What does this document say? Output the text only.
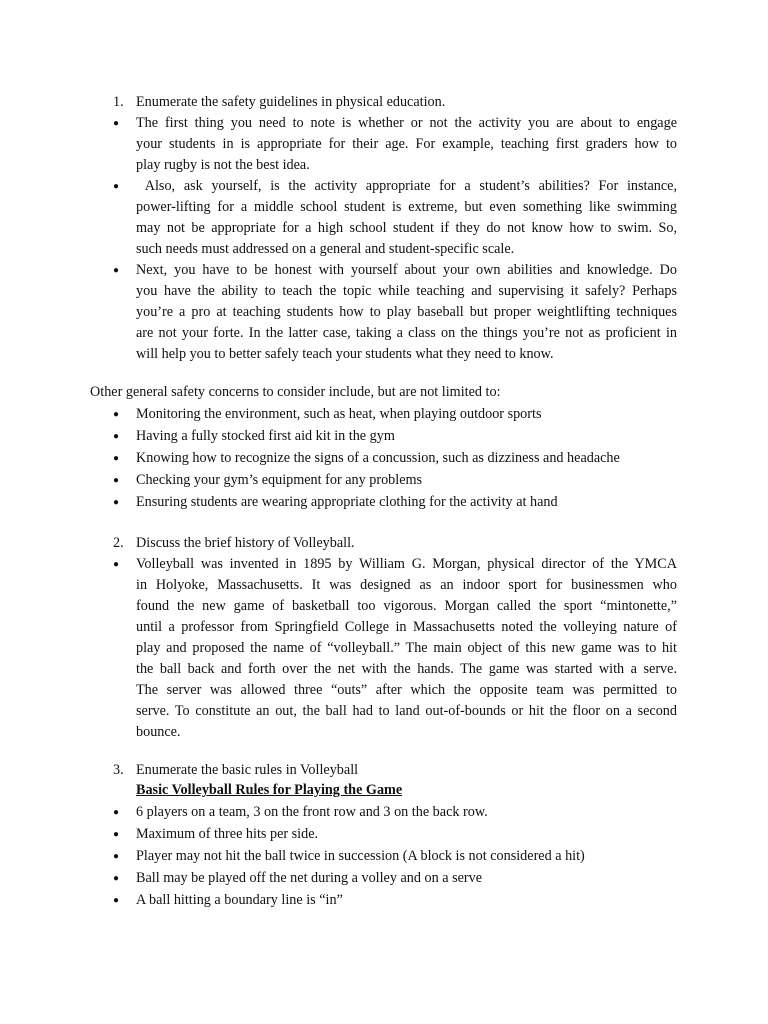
1. Enumerate the safety guidelines in physical education.
● The first thing you need to note is whether or not the activity you are about to engage
your students in is appropriate for their age. For example, teaching first graders how to
play rugby is not the best idea.
● Also, ask yourself, is the activity appropriate for a student’s abilities? For instance,
power-lifting for a middle school student is extreme, but even something like swimming
may not be appropriate for a high school student if they do not know how to swim. So,
such needs must addressed on a general and student-specific scale.
● Next, you have to be honest with yourself about your own abilities and knowledge. Do
you have the ability to teach the topic while teaching and supervising it safely? Perhaps
you’re a pro at teaching students how to play baseball but proper weightlifting techniques
are not your forte. In the latter case, taking a class on the things you’re not as proficient in
will help you to better safely teach your students what they need to know.
Other general safety concerns to consider include, but are not limited to:
● Monitoring the environment, such as heat, when playing outdoor sports
● Having a fully stocked first aid kit in the gym
● Knowing how to recognize the signs of a concussion, such as dizziness and headache
● Checking your gym’s equipment for any problems
● Ensuring students are wearing appropriate clothing for the activity at hand
2. Discuss the brief history of Volleyball.
● Volleyball was invented in 1895 by William G. Morgan, physical director of the YMCA
in Holyoke, Massachusetts. It was designed as an indoor sport for businessmen who
found the new game of basketball too vigorous. Morgan called the sport “mintonette,”
until a professor from Springfield College in Massachusetts noted the volleying nature of
play and proposed the name of “volleyball.” The main object of this new game was to hit
the ball back and forth over the net with the hands. The game was started with a serve.
The server was allowed three “outs” after which the opposite team was permitted to
serve. To constitute an out, the ball had to land out-of-bounds or hit the floor on a second
bounce.
3. Enumerate the basic rules in Volleyball
Basic Volleyball Rules for Playing the Game
● 6 players on a team, 3 on the front row and 3 on the back row.
● Maximum of three hits per side.
● Player may not hit the ball twice in succession (A block is not considered a hit)
● Ball may be played off the net during a volley and on a serve
● A ball hitting a boundary line is “in”
